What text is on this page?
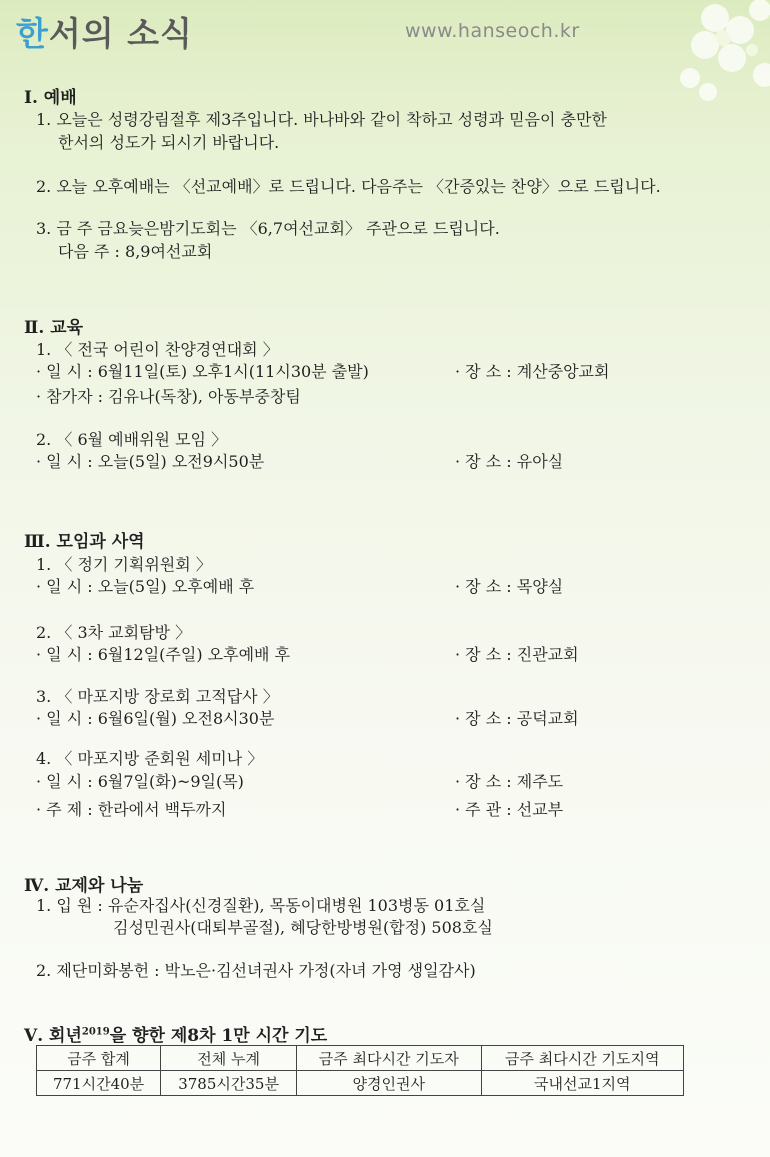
한서의 소식	www.hanseoch.kr
Ⅰ. 예배
1. 오늘은 성령강림절후 제3주입니다. 바나바와 같이 착하고 성령과 믿음이 충만한
한서의 성도가 되시기 바랍니다.
2. 오늘 오후예배는 〈선교예배〉로 드립니다. 다음주는 〈간증있는 찬양〉으로 드립니다.
3. 금 주 금요늦은밤기도회는 〈6,7여선교회〉 주관으로 드립니다.
다음 주 : 8,9여선교회
Ⅱ. 교육
1. 〈 전국 어린이 찬양경연대회 〉
· 일 시 : 6월11일(토) 오후1시(11시30분 출발)	· 장 소 : 계산중앙교회
· 참가자 : 김유나(독창), 아동부중창팀
2. 〈 6월 예배위원 모임 〉
· 일 시 : 오늘(5일) 오전9시50분	· 장 소 : 유아실
Ⅲ. 모임과 사역
1. 〈 정기 기획위원회 〉
· 일 시 : 오늘(5일) 오후예배 후	· 장 소 : 목양실
2. 〈 3차 교회탐방 〉
· 일 시 : 6월12일(주일) 오후예배 후	· 장 소 : 진관교회
3. 〈 마포지방 장로회 고적답사 〉
· 일 시 : 6월6일(월) 오전8시30분	· 장 소 : 공덕교회
4. 〈 마포지방 준회원 세미나 〉
· 일 시 : 6월7일(화)~9일(목)	· 장 소 : 제주도
· 주 제 : 한라에서 백두까지	· 주 관 : 선교부
Ⅳ. 교제와 나눔
1. 입 원 : 유순자집사(신경질환), 목동이대병원 103병동 01호실
김성민권사(대퇴부골절), 혜당한방병원(합정) 508호실
2. 제단미화봉헌 : 박노은·김선녀권사 가정(자녀 가영 생일감사)
Ⅴ. 회년$^{2019}$을 향한 제8차 1만 시간 기도
금주 합계	전체 누계	금주 최다시간 기도자	금주 최다시간 기도지역
771시간40분	3785시간35분	양경인권사	국내선교1지역
